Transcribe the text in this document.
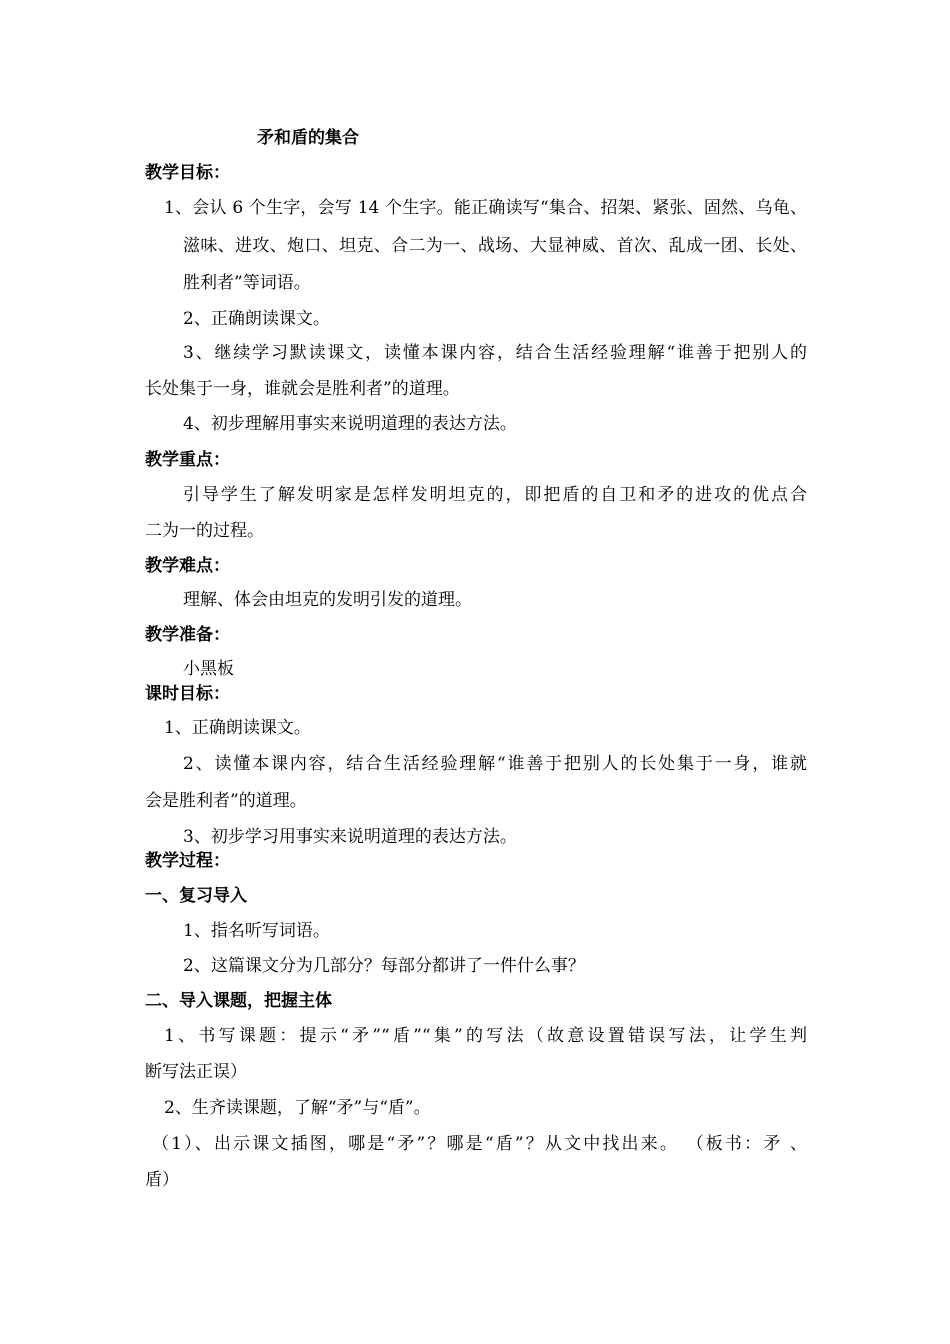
矛和盾的集合
教学目标：
1、会认 6 个生字，会写 14 个生字。能正确读写“集合、招架、紧张、固然、乌龟、
滋味、进攻、炮口、坦克、合二为一、战场、大显神威、首次、乱成一团、长处、
胜利者”等词语。
2、正确朗读课文。
3、继续学习默读课文，读懂本课内容，结合生活经验理解“谁善于把别人的
长处集于一身，谁就会是胜利者”的道理。
4、初步理解用事实来说明道理的表达方法。
教学重点：
引导学生了解发明家是怎样发明坦克的，即把盾的自卫和矛的进攻的优点合
二为一的过程。
教学难点：
理解、体会由坦克的发明引发的道理。
教学准备：
小黑板
课时目标：
1、正确朗读课文。
2、读懂本课内容，结合生活经验理解“谁善于把别人的长处集于一身，谁就
会是胜利者”的道理。
3、初步学习用事实来说明道理的表达方法。
教学过程：
一、复习导入
1、指名听写词语。
2、这篇课文分为几部分？每部分都讲了一件什么事？
二、导入课题，把握主体
1、书写课题：提示“矛”“盾”“集”的写法（故意设置错误写法，让学生判
断写法正误）
2、生齐读课题，了解“矛”与“盾”。
（1）、出示课文插图，哪是“矛”？哪是“盾”？从文中找出来。 （板书：矛 、
盾）
